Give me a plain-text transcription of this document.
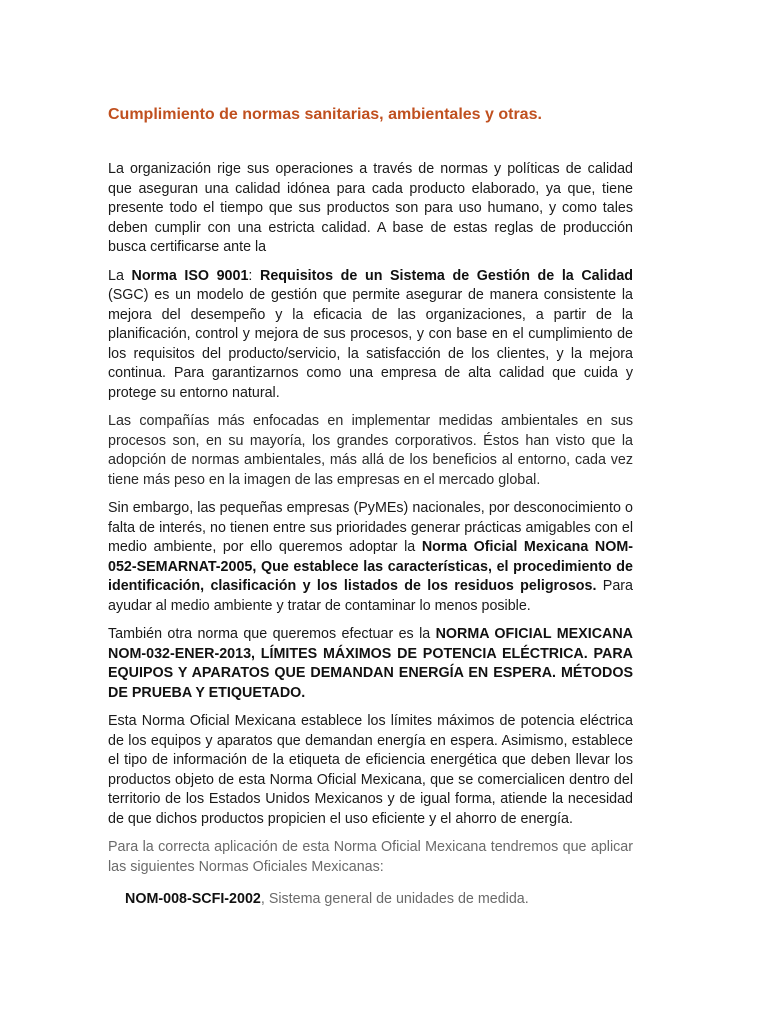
Cumplimiento de normas sanitarias, ambientales y otras.

La organización rige sus operaciones a través de normas y políticas de calidad que aseguran una calidad idónea para cada producto elaborado, ya que, tiene presente todo el tiempo que sus productos son para uso humano, y como tales deben cumplir con una estricta calidad. A base de estas reglas de producción busca certificarse ante la

La Norma ISO 9001: Requisitos de un Sistema de Gestión de la Calidad (SGC) es un modelo de gestión que permite asegurar de manera consistente la mejora del desempeño y la eficacia de las organizaciones, a partir de la planificación, control y mejora de sus procesos, y con base en el cumplimiento de los requisitos del producto/servicio, la satisfacción de los clientes, y la mejora continua. Para garantizarnos como una empresa de alta calidad que cuida y protege su entorno natural.

Las compañías más enfocadas en implementar medidas ambientales en sus procesos son, en su mayoría, los grandes corporativos. Éstos han visto que la adopción de normas ambientales, más allá de los beneficios al entorno, cada vez tiene más peso en la imagen de las empresas en el mercado global.

Sin embargo, las pequeñas empresas (PyMEs) nacionales, por desconocimiento o falta de interés, no tienen entre sus prioridades generar prácticas amigables con el medio ambiente, por ello queremos adoptar la Norma Oficial Mexicana NOM-052-SEMARNAT-2005, Que establece las características, el procedimiento de identificación, clasificación y los listados de los residuos peligrosos. Para ayudar al medio ambiente y tratar de contaminar lo menos posible.

También otra norma que queremos efectuar es la NORMA OFICIAL MEXICANA NOM-032-ENER-2013, LÍMITES MÁXIMOS DE POTENCIA ELÉCTRICA. PARA EQUIPOS Y APARATOS QUE DEMANDAN ENERGÍA EN ESPERA. MÉTODOS DE PRUEBA Y ETIQUETADO.

Esta Norma Oficial Mexicana establece los límites máximos de potencia eléctrica de los equipos y aparatos que demandan energía en espera. Asimismo, establece el tipo de información de la etiqueta de eficiencia energética que deben llevar los productos objeto de esta Norma Oficial Mexicana, que se comercialicen dentro del territorio de los Estados Unidos Mexicanos y de igual forma, atiende la necesidad de que dichos productos propicien el uso eficiente y el ahorro de energía.

Para la correcta aplicación de esta Norma Oficial Mexicana tendremos que aplicar las siguientes Normas Oficiales Mexicanas:

NOM-008-SCFI-2002, Sistema general de unidades de medida.
